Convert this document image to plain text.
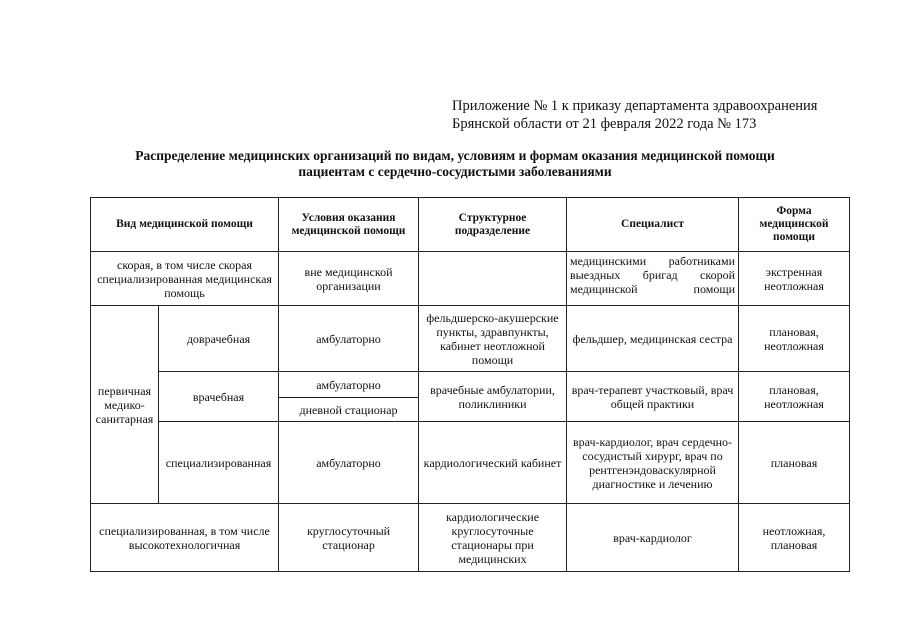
Приложение № 1 к приказу департамента здравоохранения
Брянской области от 21 февраля 2022 года № 173
Распределение медицинских организаций по видам, условиям и формам оказания медицинской помощи
пациентам с сердечно-сосудистыми заболеваниями
Вид медицинской помощи		Условия оказания медицинской помощи	Структурное подразделение	Специалист	Форма медицинской помощи
скорая, в том числе скорая специализированная медицинская помощь		вне медицинской организации		медицинскими работниками выездных бригад скорой медицинской помощи	экстренная неотложная
первичная медико-санитарная	доврачебная	амбулаторно	фельдшерско-акушерские пункты, здравпункты, кабинет неотложной помощи	фельдшер, медицинская сестра	плановая, неотложная
	врачебная	амбулаторно	врачебные амбулатории, поликлиники	врач-терапевт участковый, врач общей практики	плановая, неотложная
		дневной стационар			
	специализированная	амбулаторно	кардиологический кабинет	врач-кардиолог, врач сердечно-сосудистый хирург, врач по рентгенэндоваскулярной диагностике и лечению	плановая
специализированная, в том числе высокотехнологичная		круглосуточный стационар	кардиологические круглосуточные стационары при медицинских	врач-кардиолог	неотложная, плановая
